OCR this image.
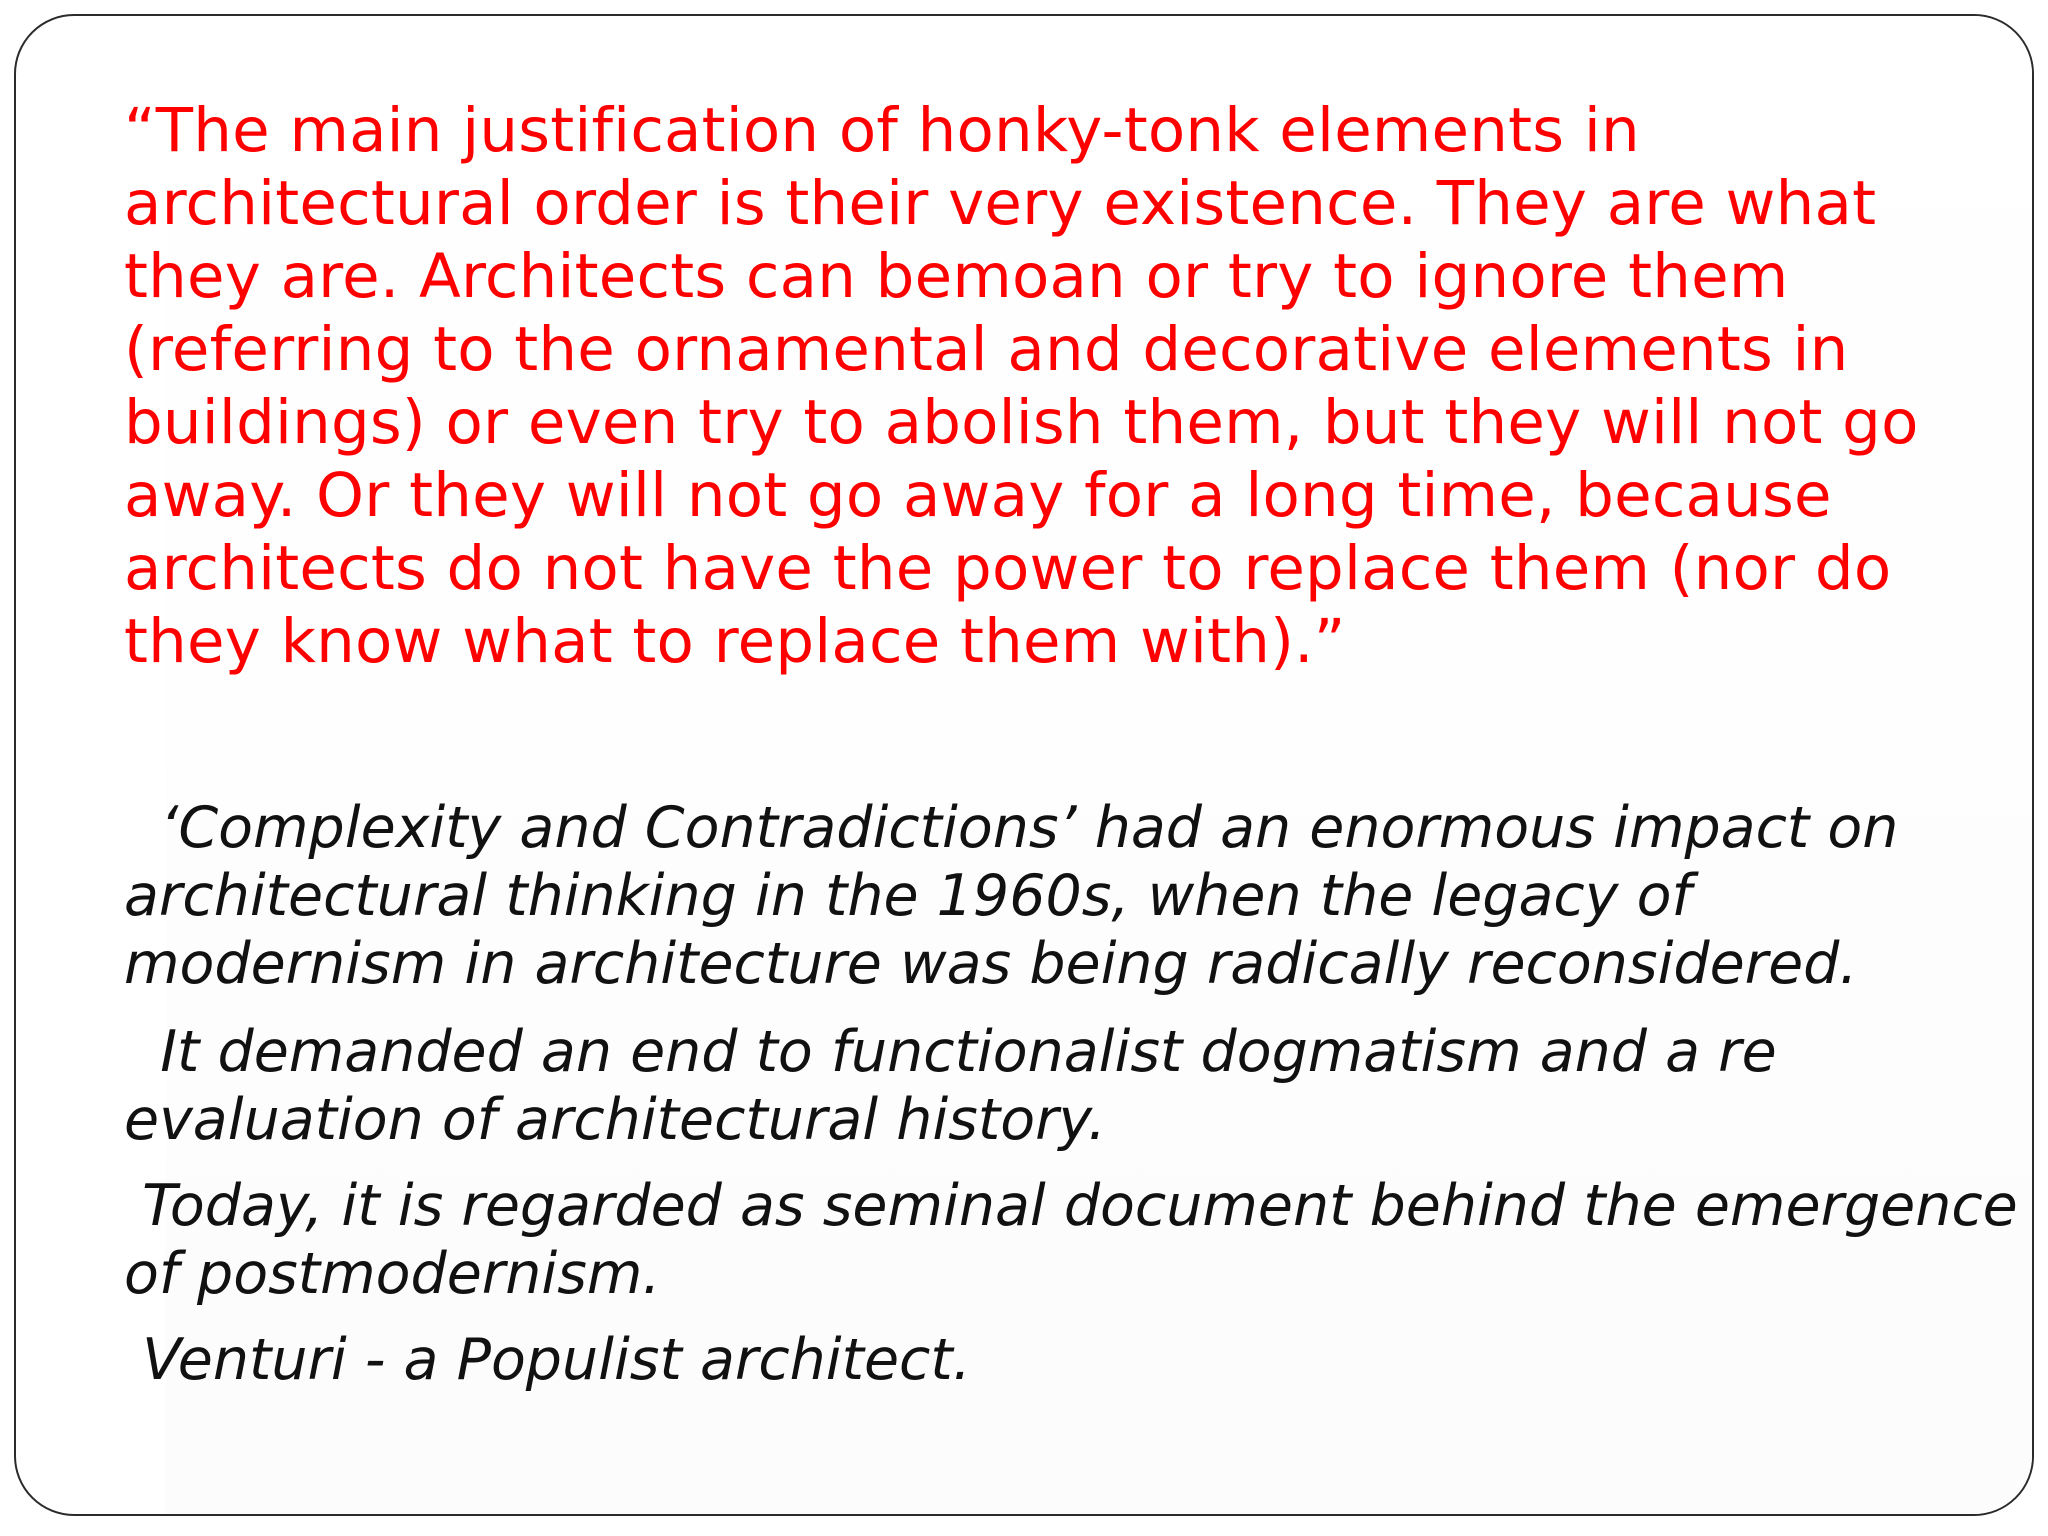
“The main justification of honky-tonk elements in
architectural order is their very existence. They are what
they are. Architects can bemoan or try to ignore them
(referring to the ornamental and decorative elements in
buildings) or even try to abolish them, but they will not go
away. Or they will not go away for a long time, because
architects do not have the power to replace them (nor do
they know what to replace them with).”

‘Complexity and Contradictions’ had an enormous impact on
architectural thinking in the 1960s, when the legacy of
modernism in architecture was being radically reconsidered.
It demanded an end to functionalist dogmatism and a re
evaluation of architectural history.
Today, it is regarded as seminal document behind the emergence
of postmodernism.
Venturi - a Populist architect.
